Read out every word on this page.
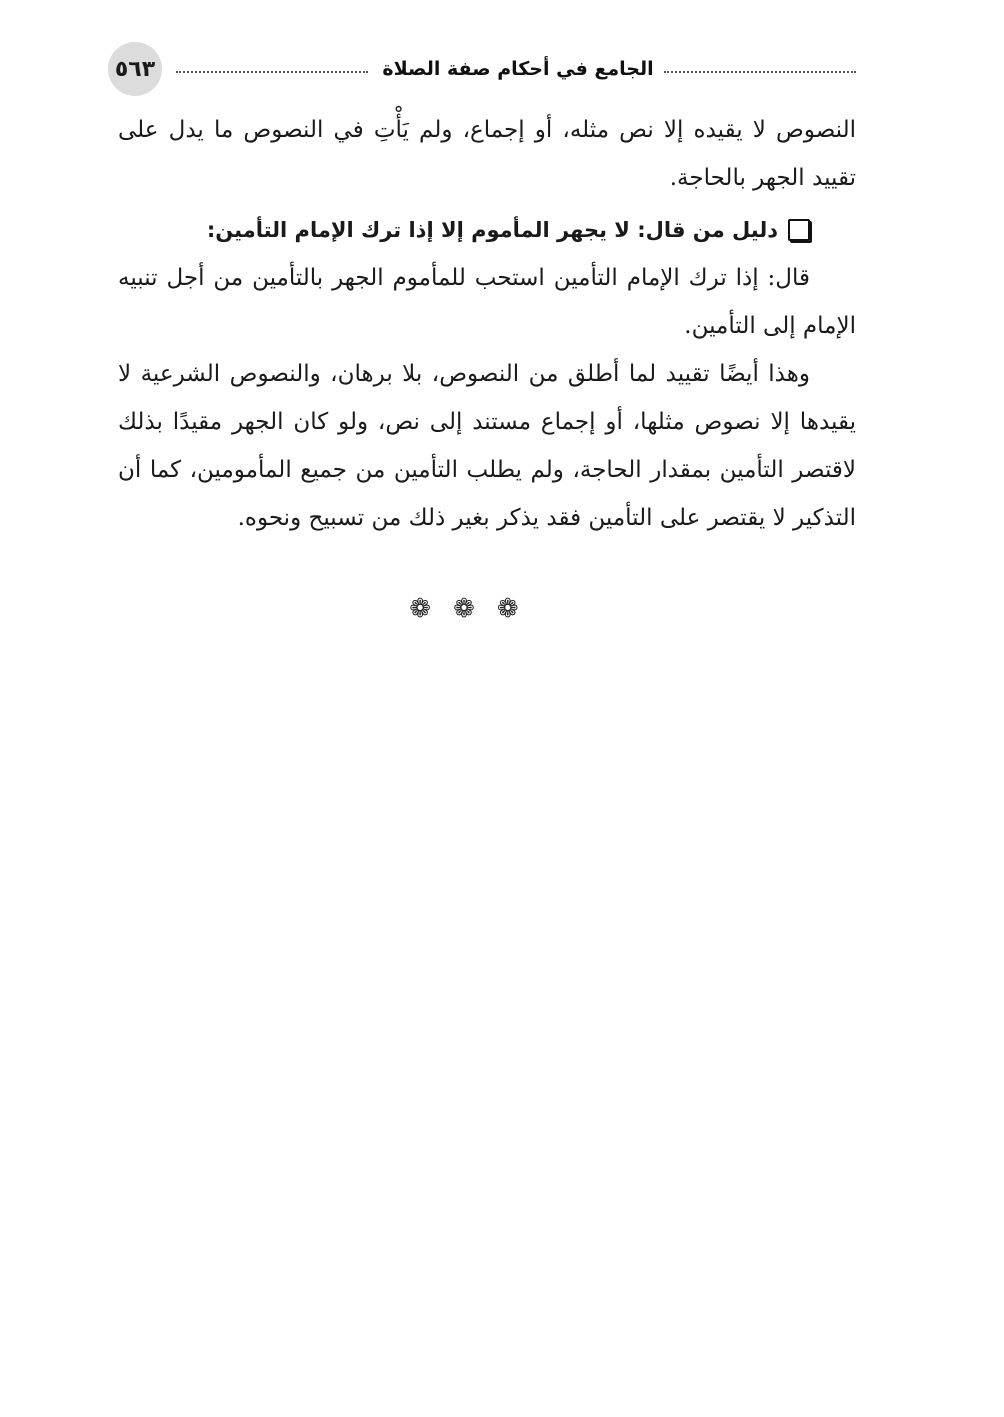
٥٦٣	الجامع في أحكام صفة الصلاة

النصوص لا يقيده إلا نص مثله، أو إجماع، ولم يَأْتِ في النصوص ما يدل على تقييد الجهر بالحاجة.

دليل من قال: لا يجهر المأموم إلا إذا ترك الإمام التأمين:

قال: إذا ترك الإمام التأمين استحب للمأموم الجهر بالتأمين من أجل تنبيه الإمام إلى التأمين.

وهذا أيضًا تقييد لما أطلق من النصوص، بلا برهان، والنصوص الشرعية لا يقيدها إلا نصوص مثلها، أو إجماع مستند إلى نص، ولو كان الجهر مقيدًا بذلك لاقتصر التأمين بمقدار الحاجة، ولم يطلب التأمين من جميع المأمومين، كما أن التذكير لا يقتصر على التأمين فقد يذكر بغير ذلك من تسبيح ونحوه.

❁ ❁ ❁
